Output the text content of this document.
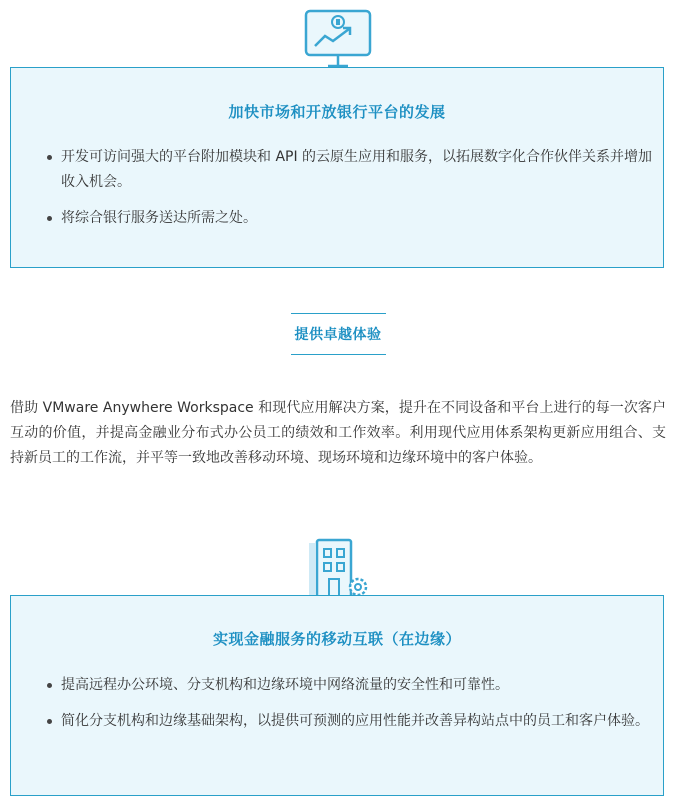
加快市场和开放银行平台的发展
开发可访问强大的平台附加模块和 API 的云原生应用和服务，以拓展数字化合作伙伴关系并增加收入机会。
将综合银行服务送达所需之处。
提供卓越体验
借助 VMware Anywhere Workspace 和现代应用解决方案，提升在不同设备和平台上进行的每一次客户互动的价值，并提高金融业分布式办公员工的绩效和工作效率。利用现代应用体系架构更新应用组合、支持新员工的工作流，并平等一致地改善移动环境、现场环境和边缘环境中的客户体验。
实现金融服务的移动互联（在边缘）
提高远程办公环境、分支机构和边缘环境中网络流量的安全性和可靠性。
简化分支机构和边缘基础架构，以提供可预测的应用性能并改善异构站点中的员工和客户体验。
